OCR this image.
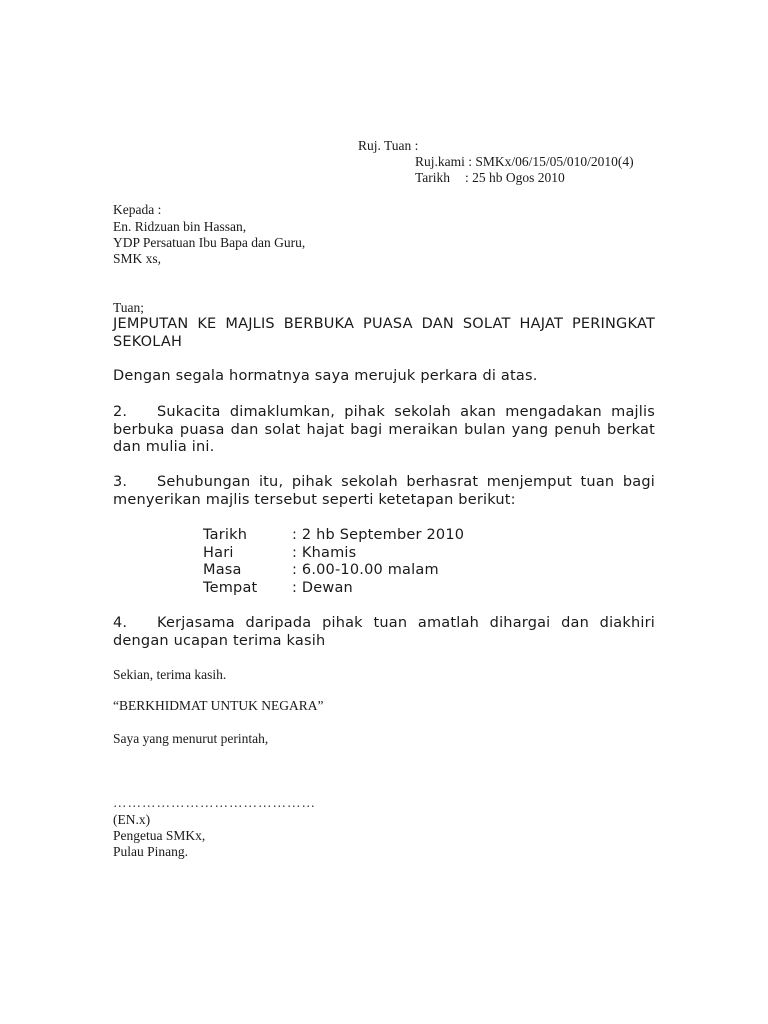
Ruj. Tuan :
Ruj.kami : SMKx/06/15/05/010/2010(4)
Tarikh : 25 hb Ogos 2010
Kepada :
En. Ridzuan bin Hassan,
YDP Persatuan Ibu Bapa dan Guru,
SMK xs,
Tuan;
JEMPUTAN KE MAJLIS BERBUKA PUASA DAN SOLAT HAJAT PERINGKAT SEKOLAH
Dengan segala hormatnya saya merujuk perkara di atas.
2. Sukacita dimaklumkan, pihak sekolah akan mengadakan majlis berbuka puasa dan solat hajat bagi meraikan bulan yang penuh berkat dan mulia ini.
3. Sehubungan itu, pihak sekolah berhasrat menjemput tuan bagi menyerikan majlis tersebut seperti ketetapan berikut:
Tarikh	: 2 hb September 2010
Hari	: Khamis
Masa	: 6.00-10.00 malam
Tempat : Dewan
4. Kerjasama daripada pihak tuan amatlah dihargai dan diakhiri dengan ucapan terima kasih
Sekian, terima kasih.
“BERKHIDMAT UNTUK NEGARA”
Saya yang menurut perintah,
……………………………………
(EN.x)
Pengetua SMKx,
Pulau Pinang.
